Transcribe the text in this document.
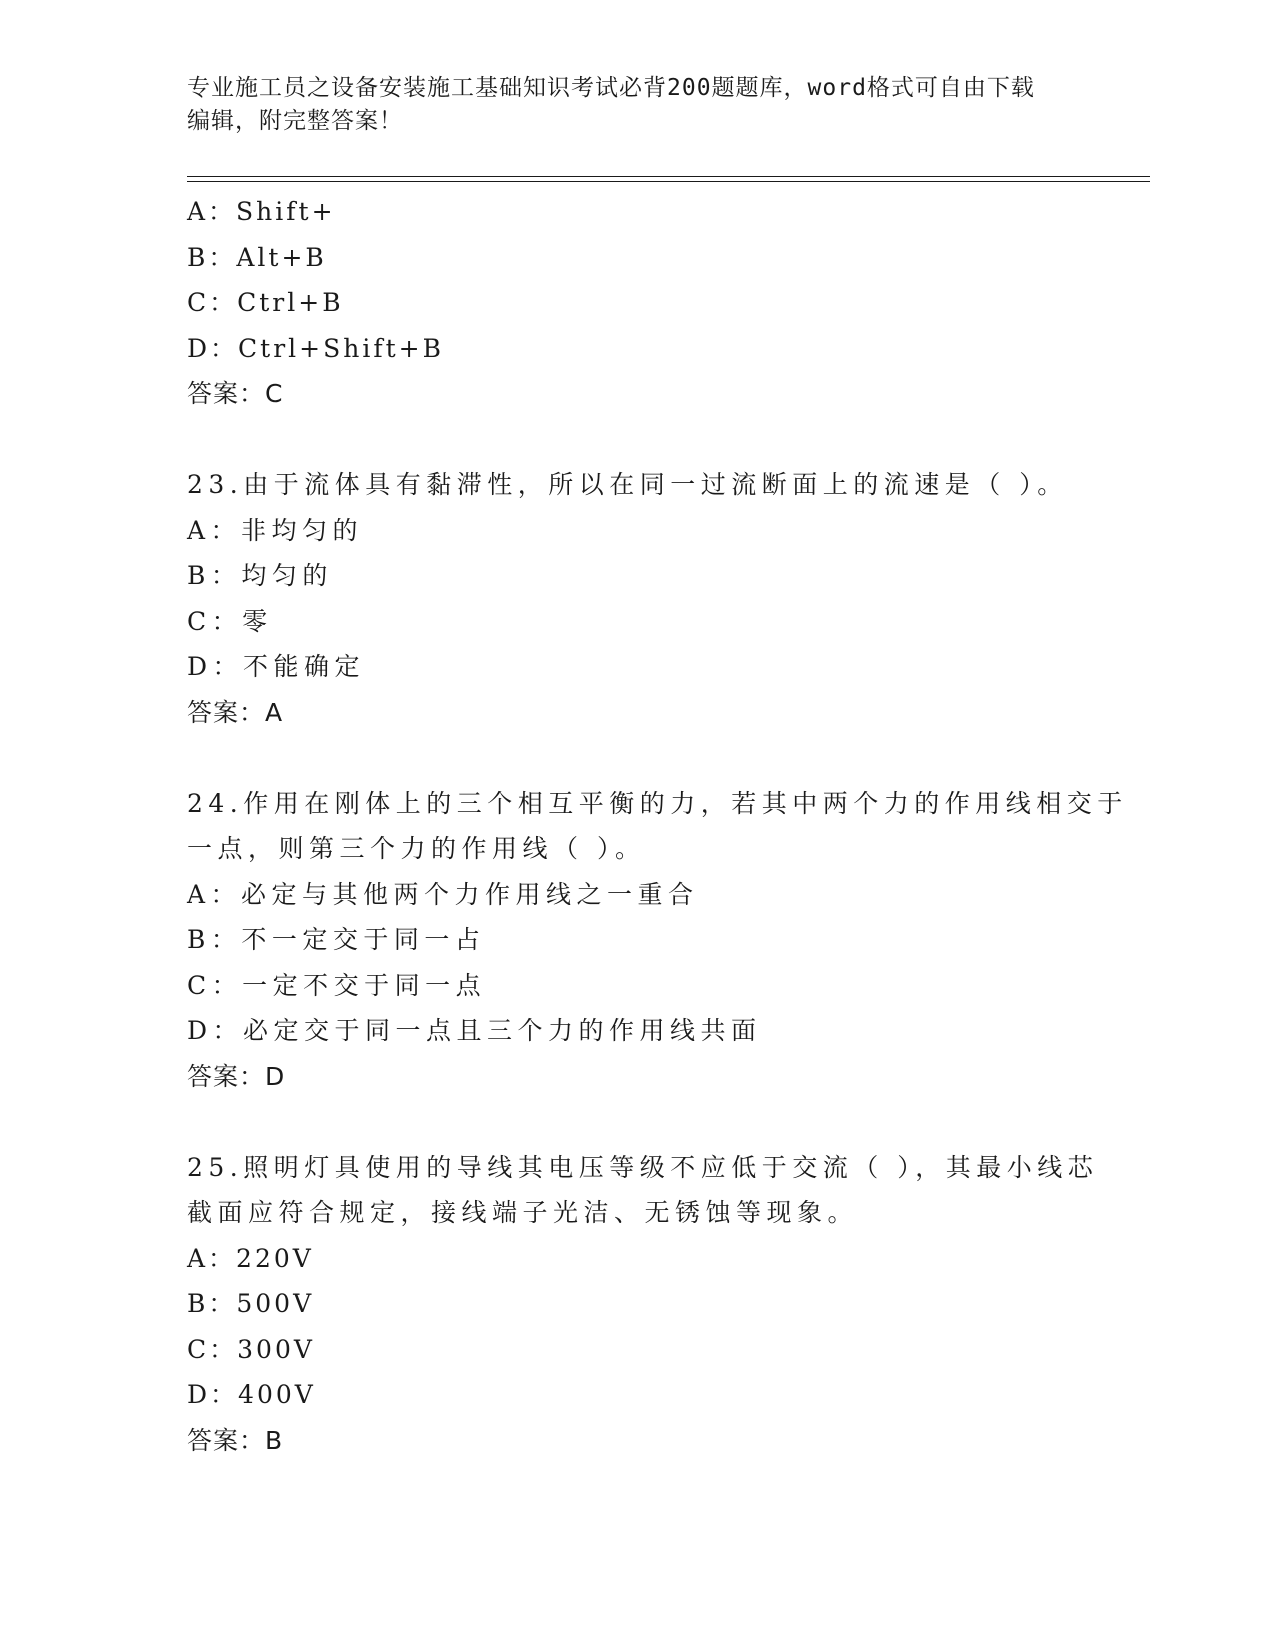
专业施工员之设备安装施工基础知识考试必背200题题库，word格式可自由下载
编辑，附完整答案！
A：Shift+
B：Alt+B
C：Ctrl+B
D：Ctrl+Shift+B
答案：C
23.由于流体具有黏滞性，所以在同一过流断面上的流速是（ ）。
A：非均匀的
B：均匀的
C：零
D：不能确定
答案：A
24.作用在刚体上的三个相互平衡的力，若其中两个力的作用线相交于
一点，则第三个力的作用线（ ）。
A：必定与其他两个力作用线之一重合
B：不一定交于同一占
C：一定不交于同一点
D：必定交于同一点且三个力的作用线共面
答案：D
25.照明灯具使用的导线其电压等级不应低于交流（ ），其最小线芯
截面应符合规定，接线端子光洁、无锈蚀等现象。
A：220V
B：500V
C：300V
D：400V
答案：B
